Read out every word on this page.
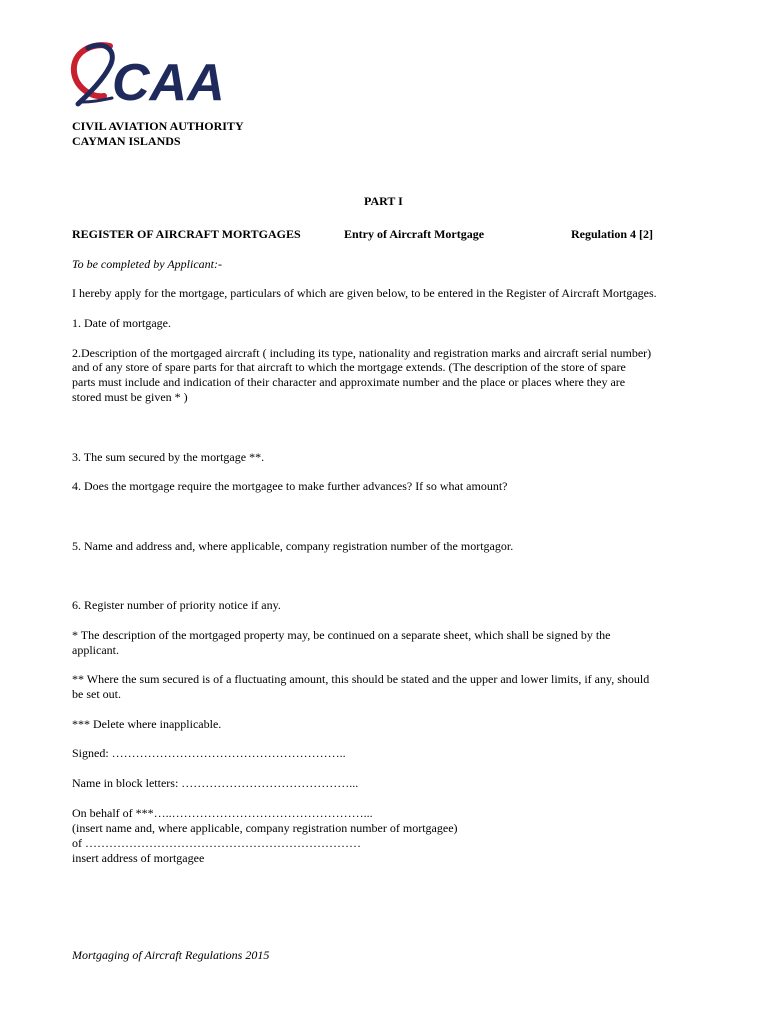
CAA

CIVIL AVIATION AUTHORITY

CAYMAN ISLANDS

PART I

REGISTER OF AIRCRAFT MORTGAGES	Entry of Aircraft Mortgage	Regulation 4 [2]

To be completed by Applicant:-

I hereby apply for the mortgage, particulars of which are given below, to be entered in the Register of Aircraft Mortgages.

1. Date of mortgage.

2.Description of the mortgaged aircraft ( including its type, nationality and registration marks and aircraft serial number)

and of any store of spare parts for that aircraft to which the mortgage extends. (The description of the store of spare

parts must include and indication of their character and approximate number and the place or places where they are

stored must be given * )

3. The sum secured by the mortgage **.

4. Does the mortgage require the mortgagee to make further advances? If so what amount?

5. Name and address and, where applicable, company registration number of the mortgagor.

6. Register number of priority notice if any.

* The description of the mortgaged property may, be continued on a separate sheet, which shall be signed by the

applicant.

** Where the sum secured is of a fluctuating amount, this should be stated and the upper and lower limits, if any, should

be set out.

*** Delete where inapplicable.

Signed: …………………………………………………..

Name in block letters: ……………………………………...

On behalf of ***…..…………………………………………...

(insert name and, where applicable, company registration number of mortgagee)

of ……………………………………………………………

insert address of mortgagee

Mortgaging of Aircraft Regulations 2015
